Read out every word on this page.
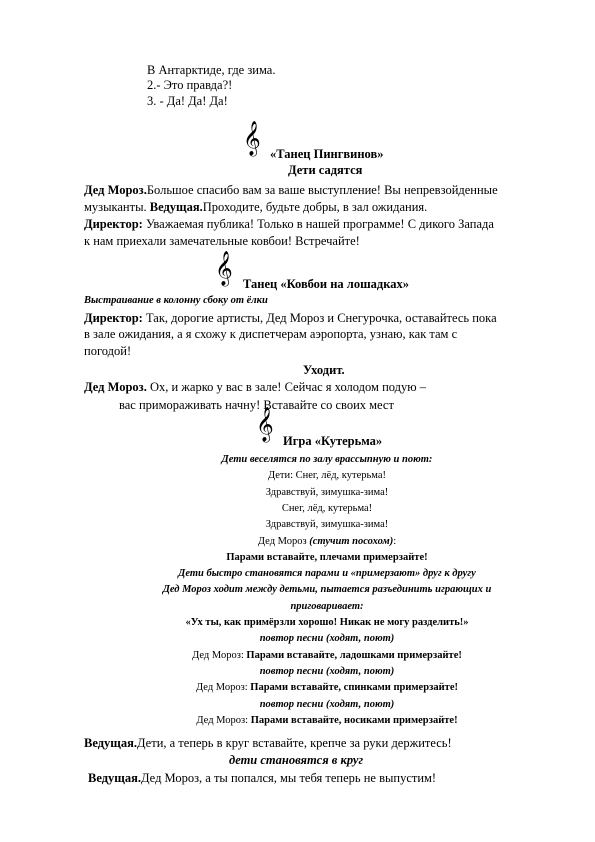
В Антарктиде, где зима.
2.- Это правда?!
3. - Да! Да! Да!
𝄞 «Танец Пингвинов»
Дети садятся
Дед Мороз.Большое спасибо вам за ваше выступление! Вы непревзойденные
музыканты. Ведущая.Проходите, будьте добры, в зал ожидания.
Директор: Уважаемая публика! Только в нашей программе! С дикого Запада
к нам приехали замечательные ковбои! Встречайте!
𝄞 Танец «Ковбои на лошадках»
Выстраивание в колонну сбоку от ёлки
Директор: Так, дорогие артисты, Дед Мороз и Снегурочка, оставайтесь пока
в зале ожидания, а я схожу к диспетчерам аэропорта, узнаю, как там с
погодой!
Уходит.
Дед Мороз. Ох, и жарко у вас в зале! Сейчас я холодом подую –
вас примораживать начну! Вставайте со своих мест
𝄞 Игра «Кутерьма»
Дети веселятся по залу врассыпную и поют:
Дети: Снег, лёд, кутерьма!
Здравствуй, зимушка-зима!
Снег, лёд, кутерьма!
Здравствуй, зимушка-зима!
Дед Мороз (стучит посохом):
Парами вставайте, плечами примерзайте!
Дети быстро становятся парами и «примерзают» друг к другу
Дед Мороз ходит между детьми, пытается разъединить играющих и
приговаривает:
«Ух ты, как примёрзли хорошо! Никак не могу разделить!»
повтор песни (ходят, поют)
Дед Мороз: Парами вставайте, ладошками примерзайте!
повтор песни (ходят, поют)
Дед Мороз: Парами вставайте, спинками примерзайте!
повтор песни (ходят, поют)
Дед Мороз: Парами вставайте, носиками примерзайте!
Ведущая.Дети, а теперь в круг вставайте, крепче за руки держитесь!
дети становятся в круг
Ведущая.Дед Мороз, а ты попался, мы тебя теперь не выпустим!
